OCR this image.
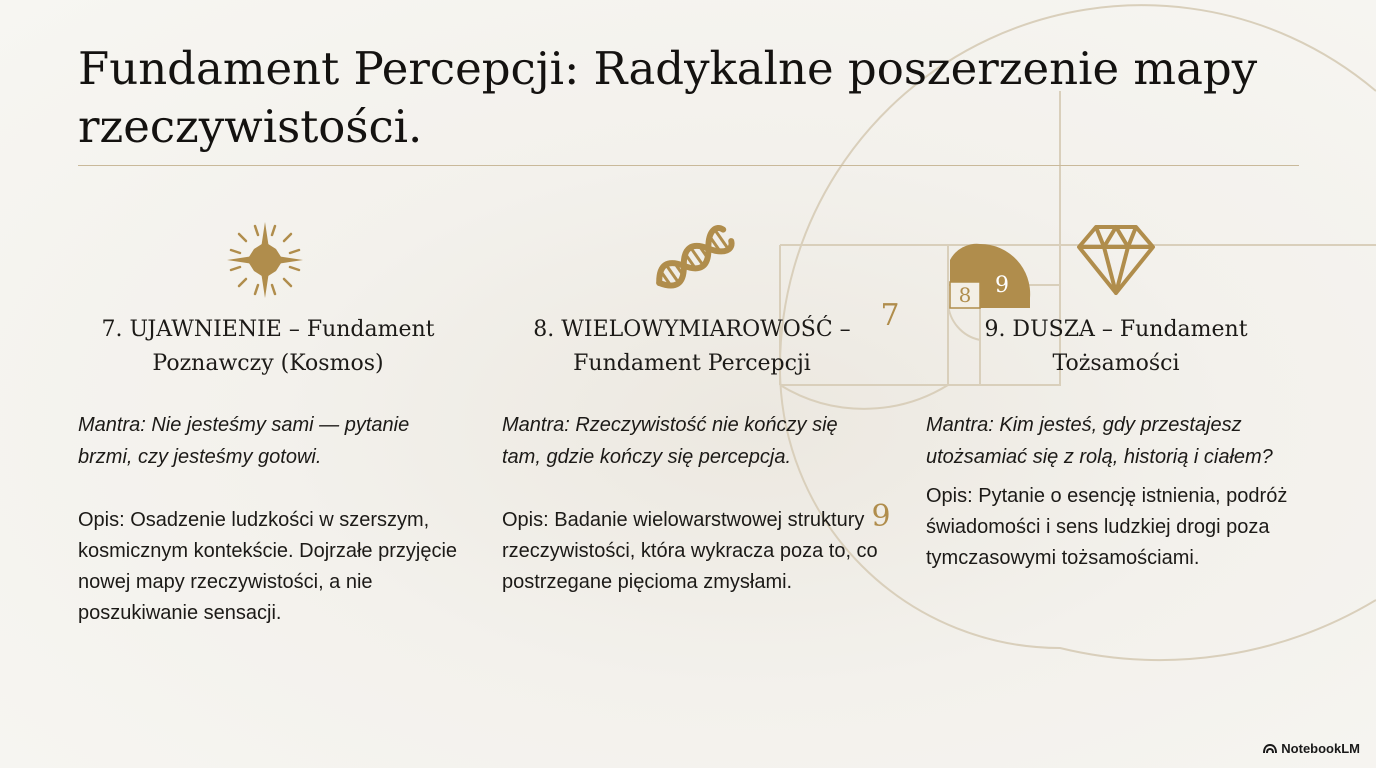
8 9
7
9
Fundament Percepcji: Radykalne poszerzenie mapy rzeczywistości.

7. UJAWNIENIE – Fundament Poznawczy (Kosmos)

Mantra: Nie jesteśmy sami — pytanie brzmi, czy jesteśmy gotowi.

Opis: Osadzenie ludzkości w szerszym, kosmicznym kontekście. Dojrzałe przyjęcie nowej mapy rzeczywistości, a nie poszukiwanie sensacji.

8. WIELOWYMIAROWOŚĆ – Fundament Percepcji

Mantra: Rzeczywistość nie kończy się tam, gdzie kończy się percepcja.

Opis: Badanie wielowarstwowej struktury rzeczywistości, która wykracza poza to, co postrzegane pięcioma zmysłami.

9. DUSZA – Fundament Tożsamości

Mantra: Kim jesteś, gdy przestajesz utożsamiać się z rolą, historią i ciałem?

Opis: Pytanie o esencję istnienia, podróż świadomości i sens ludzkiej drogi poza tymczasowymi tożsamościami.

NotebookLM
